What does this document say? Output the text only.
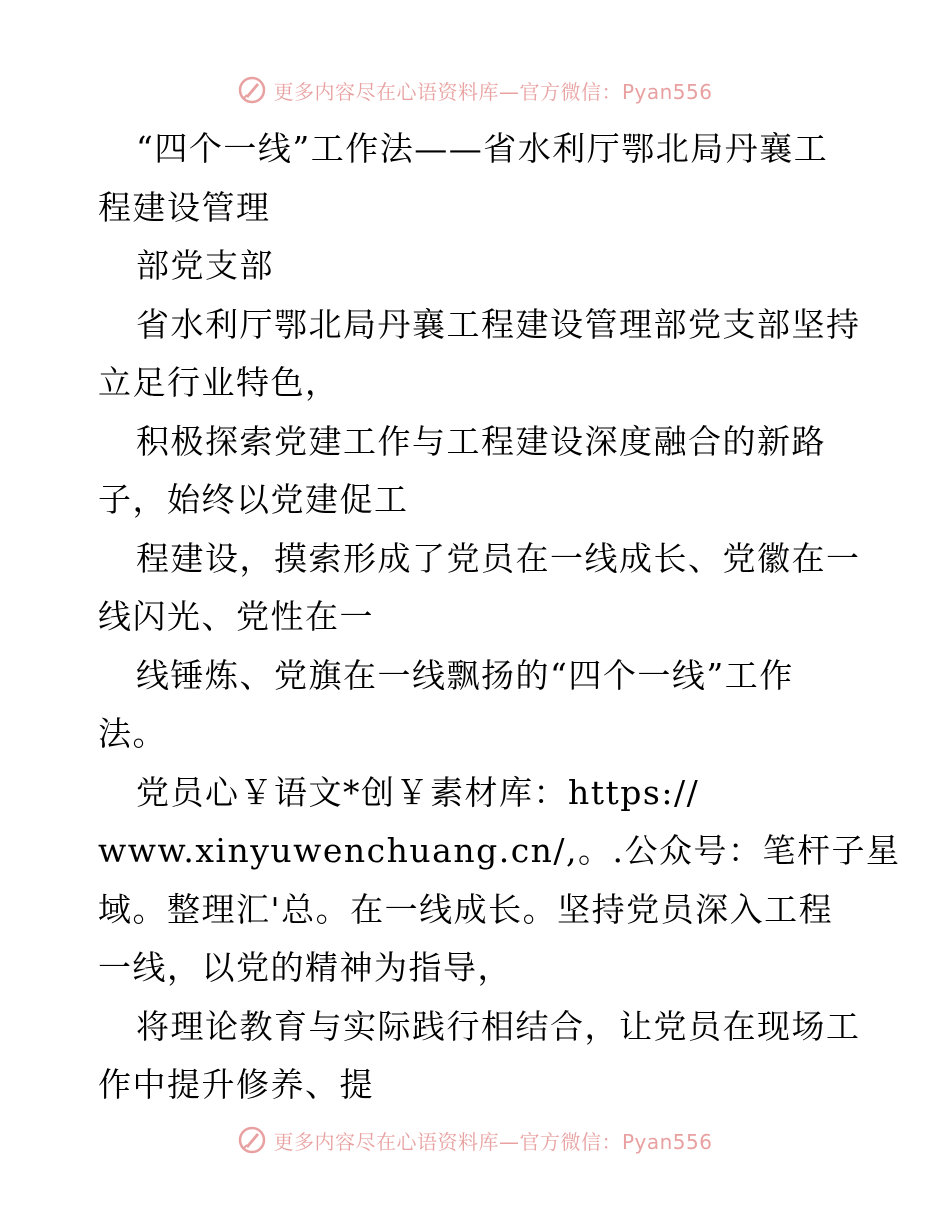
更多内容尽在心语资料库—官方微信：Pyan556
“四个一线”工作法——省水利厅鄂北局丹襄工
程建设管理
部党支部
省水利厅鄂北局丹襄工程建设管理部党支部坚持
立足行业特色，
积极探索党建工作与工程建设深度融合的新路
子，始终以党建促工
程建设，摸索形成了党员在一线成长、党徽在一
线闪光、党性在一
线锤炼、党旗在一线飘扬的“四个一线”工作
法。
党员心￥语文*创￥素材库：https://
www.xinyuwenchuang.cn/,。.公众号：笔杆子星
域。整理汇'总。在一线成长。坚持党员深入工程
一线，以党的精神为指导，
将理论教育与实际践行相结合，让党员在现场工
作中提升修养、提
更多内容尽在心语资料库—官方微信：Pyan556
